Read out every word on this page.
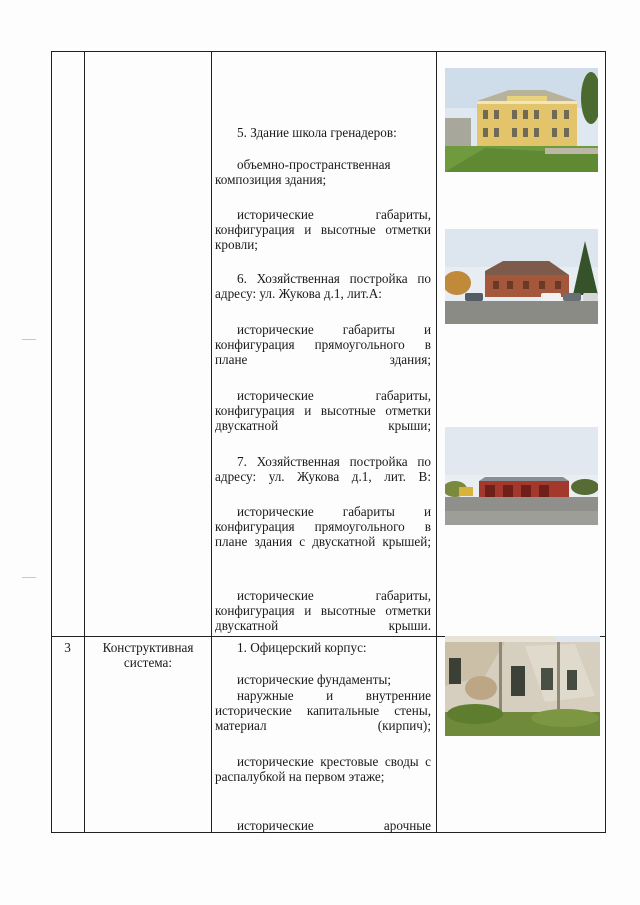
5. Здание школа гренадеров:
объемно-пространственная композиция здания;
исторические габариты, конфигурация и высотные отметки кровли;
6. Хозяйственная постройка по адресу: ул. Жукова д.1, лит.А:
исторические габариты и конфигурация прямоугольного в плане здания;
исторические габариты, конфигурация и высотные отметки двускатной крыши;
7. Хозяйственная постройка по адресу: ул. Жукова д.1, лит. В:
исторические габариты и конфигурация прямоугольного в плане здания с двускатной крышей;
исторические габариты, конфигурация и высотные отметки двускатной крыши.
3	Конструктивная система:
1. Офицерский корпус:
исторические фундаменты;
наружные и внутренние исторические капитальные стены, материал (кирпич);
исторические крестовые своды с распалубкой на первом этаже;
исторические арочные
